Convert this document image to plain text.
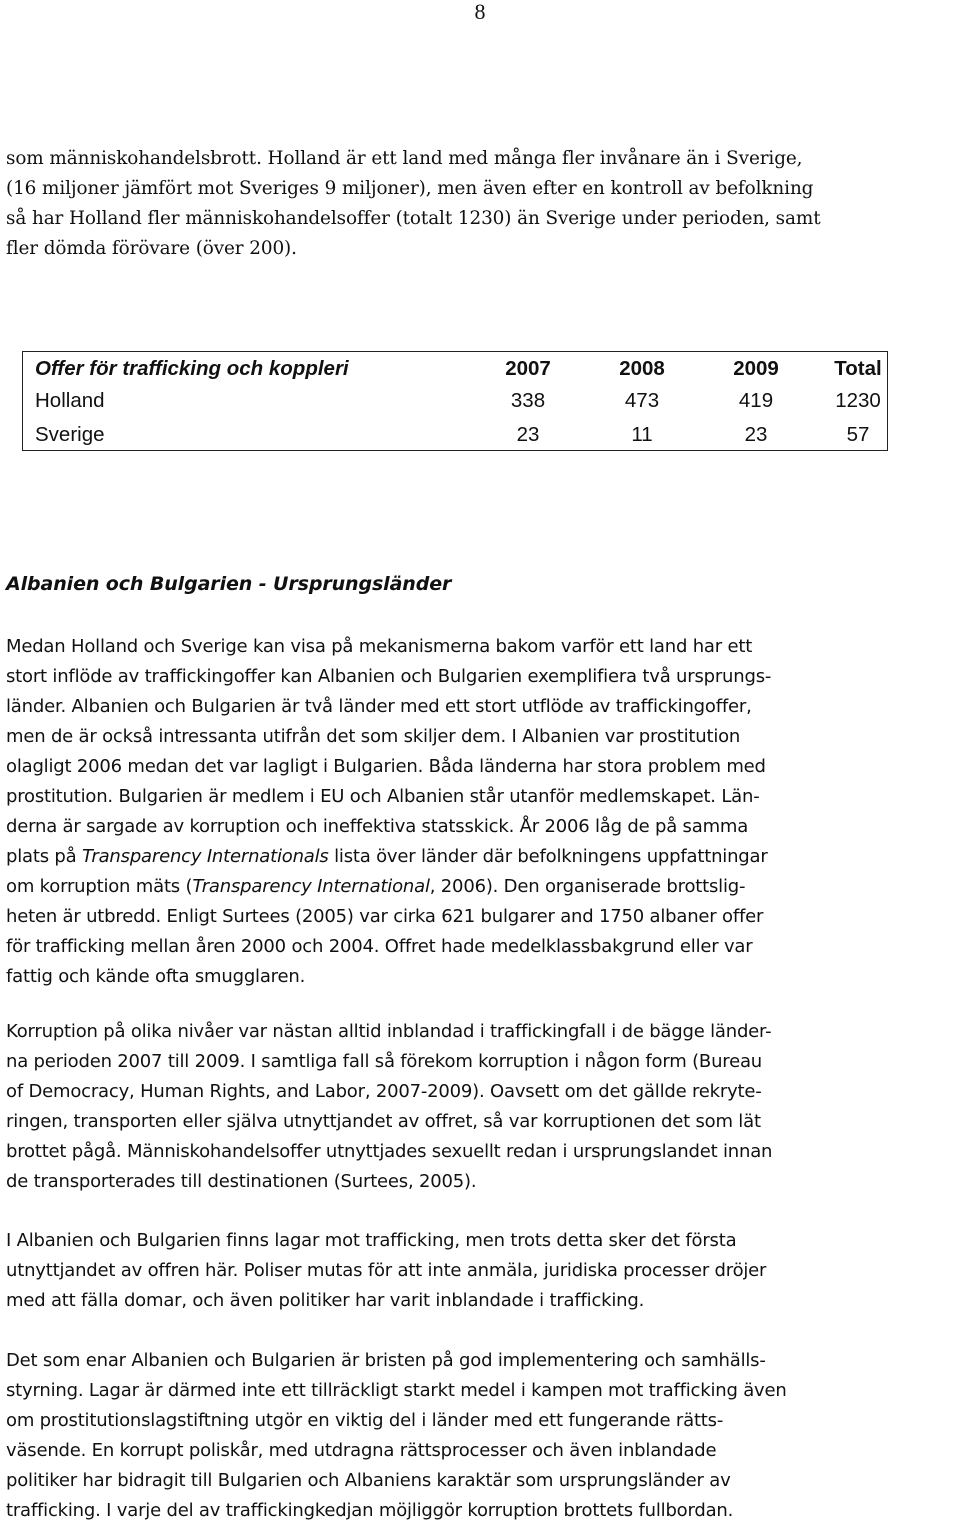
8

som människohandelsbrott. Holland är ett land med många fler invånare än i Sverige,
(16 miljoner jämfört mot Sveriges 9 miljoner), men även efter en kontroll av befolkning
så har Holland fler människohandelsoffer (totalt 1230) än Sverige under perioden, samt
fler dömda förövare (över 200).

Offer för trafficking och koppleri	2007	2008	2009	Total
Holland	338	473	419	1230
Sverige	23	11	23	57
Albanien och Bulgarien - Ursprungsländer

Medan Holland och Sverige kan visa på mekanismerna bakom varför ett land har ett
stort inflöde av traffickingoffer kan Albanien och Bulgarien exemplifiera två ursprungs-
länder. Albanien och Bulgarien är två länder med ett stort utflöde av traffickingoffer,
men de är också intressanta utifrån det som skiljer dem. I Albanien var prostitution
olagligt 2006 medan det var lagligt i Bulgarien. Båda länderna har stora problem med
prostitution. Bulgarien är medlem i EU och Albanien står utanför medlemskapet. Län-
derna är sargade av korruption och ineffektiva statsskick. År 2006 låg de på samma
plats på Transparency Internationals lista över länder där befolkningens uppfattningar
om korruption mäts (Transparency International, 2006). Den organiserade brottslig-
heten är utbredd. Enligt Surtees (2005) var cirka 621 bulgarer and 1750 albaner offer
för trafficking mellan åren 2000 och 2004. Offret hade medelklassbakgrund eller var
fattig och kände ofta smugglaren.

Korruption på olika nivåer var nästan alltid inblandad i traffickingfall i de bägge länder-
na perioden 2007 till 2009. I samtliga fall så förekom korruption i någon form (Bureau
of Democracy, Human Rights, and Labor, 2007-2009). Oavsett om det gällde rekryte-
ringen, transporten eller själva utnyttjandet av offret, så var korruptionen det som lät
brottet pågå. Människohandelsoffer utnyttjades sexuellt redan i ursprungslandet innan
de transporterades till destinationen (Surtees, 2005).

I Albanien och Bulgarien finns lagar mot trafficking, men trots detta sker det första
utnyttjandet av offren här. Poliser mutas för att inte anmäla, juridiska processer dröjer
med att fälla domar, och även politiker har varit inblandade i trafficking.

Det som enar Albanien och Bulgarien är bristen på god implementering och samhälls-
styrning. Lagar är därmed inte ett tillräckligt starkt medel i kampen mot trafficking även
om prostitutionslagstiftning utgör en viktig del i länder med ett fungerande rätts-
väsende. En korrupt poliskår, med utdragna rättsprocesser och även inblandade
politiker har bidragit till Bulgarien och Albaniens karaktär som ursprungsländer av
trafficking. I varje del av traffickingkedjan möjliggör korruption brottets fullbordan.
